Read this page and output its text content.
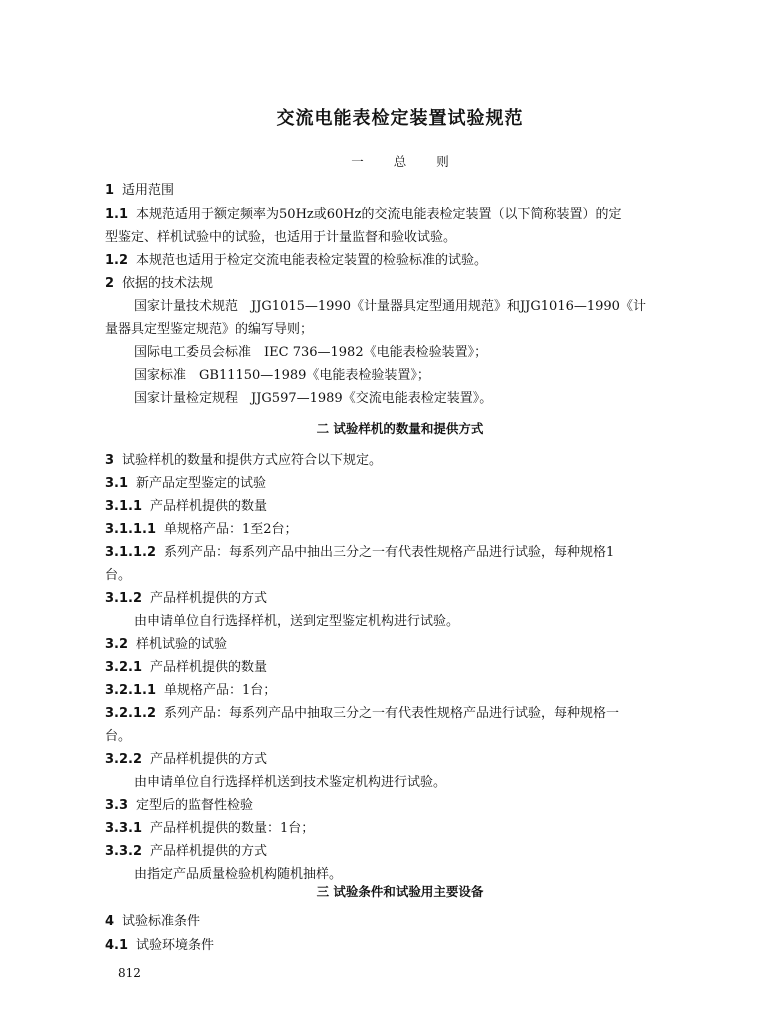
交流电能表检定装置试验规范
一 总 则

1 适用范围

1.1 本规范适用于额定频率为50Hz或60Hz的交流电能表检定装置（以下简称装置）的定

型鉴定、样机试验中的试验，也适用于计量监督和验收试验。

1.2 本规范也适用于检定交流电能表检定装置的检验标准的试验。

2 依据的技术法规

国家计量技术规范　JJG1015—1990《计量器具定型通用规范》和JJG1016—1990《计

量器具定型鉴定规范》的编写导则；

国际电工委员会标准　IEC 736—1982《电能表检验装置》；

国家标准　GB11150—1989《电能表检验装置》；

国家计量检定规程　JJG597—1989《交流电能表检定装置》。

二 试验样机的数量和提供方式

3 试验样机的数量和提供方式应符合以下规定。

3.1 新产品定型鉴定的试验

3.1.1 产品样机提供的数量

3.1.1.1 单规格产品：1至2台；

3.1.1.2 系列产品：每系列产品中抽出三分之一有代表性规格产品进行试验，每种规格1

台。

3.1.2 产品样机提供的方式

由申请单位自行选择样机，送到定型鉴定机构进行试验。

3.2 样机试验的试验

3.2.1 产品样机提供的数量

3.2.1.1 单规格产品：1台；

3.2.1.2 系列产品：每系列产品中抽取三分之一有代表性规格产品进行试验，每种规格一

台。

3.2.2 产品样机提供的方式

由申请单位自行选择样机送到技术鉴定机构进行试验。

3.3 定型后的监督性检验

3.3.1 产品样机提供的数量：1台；

3.3.2 产品样机提供的方式

由指定产品质量检验机构随机抽样。

三 试验条件和试验用主要设备

4 试验标准条件

4.1 试验环境条件

812
